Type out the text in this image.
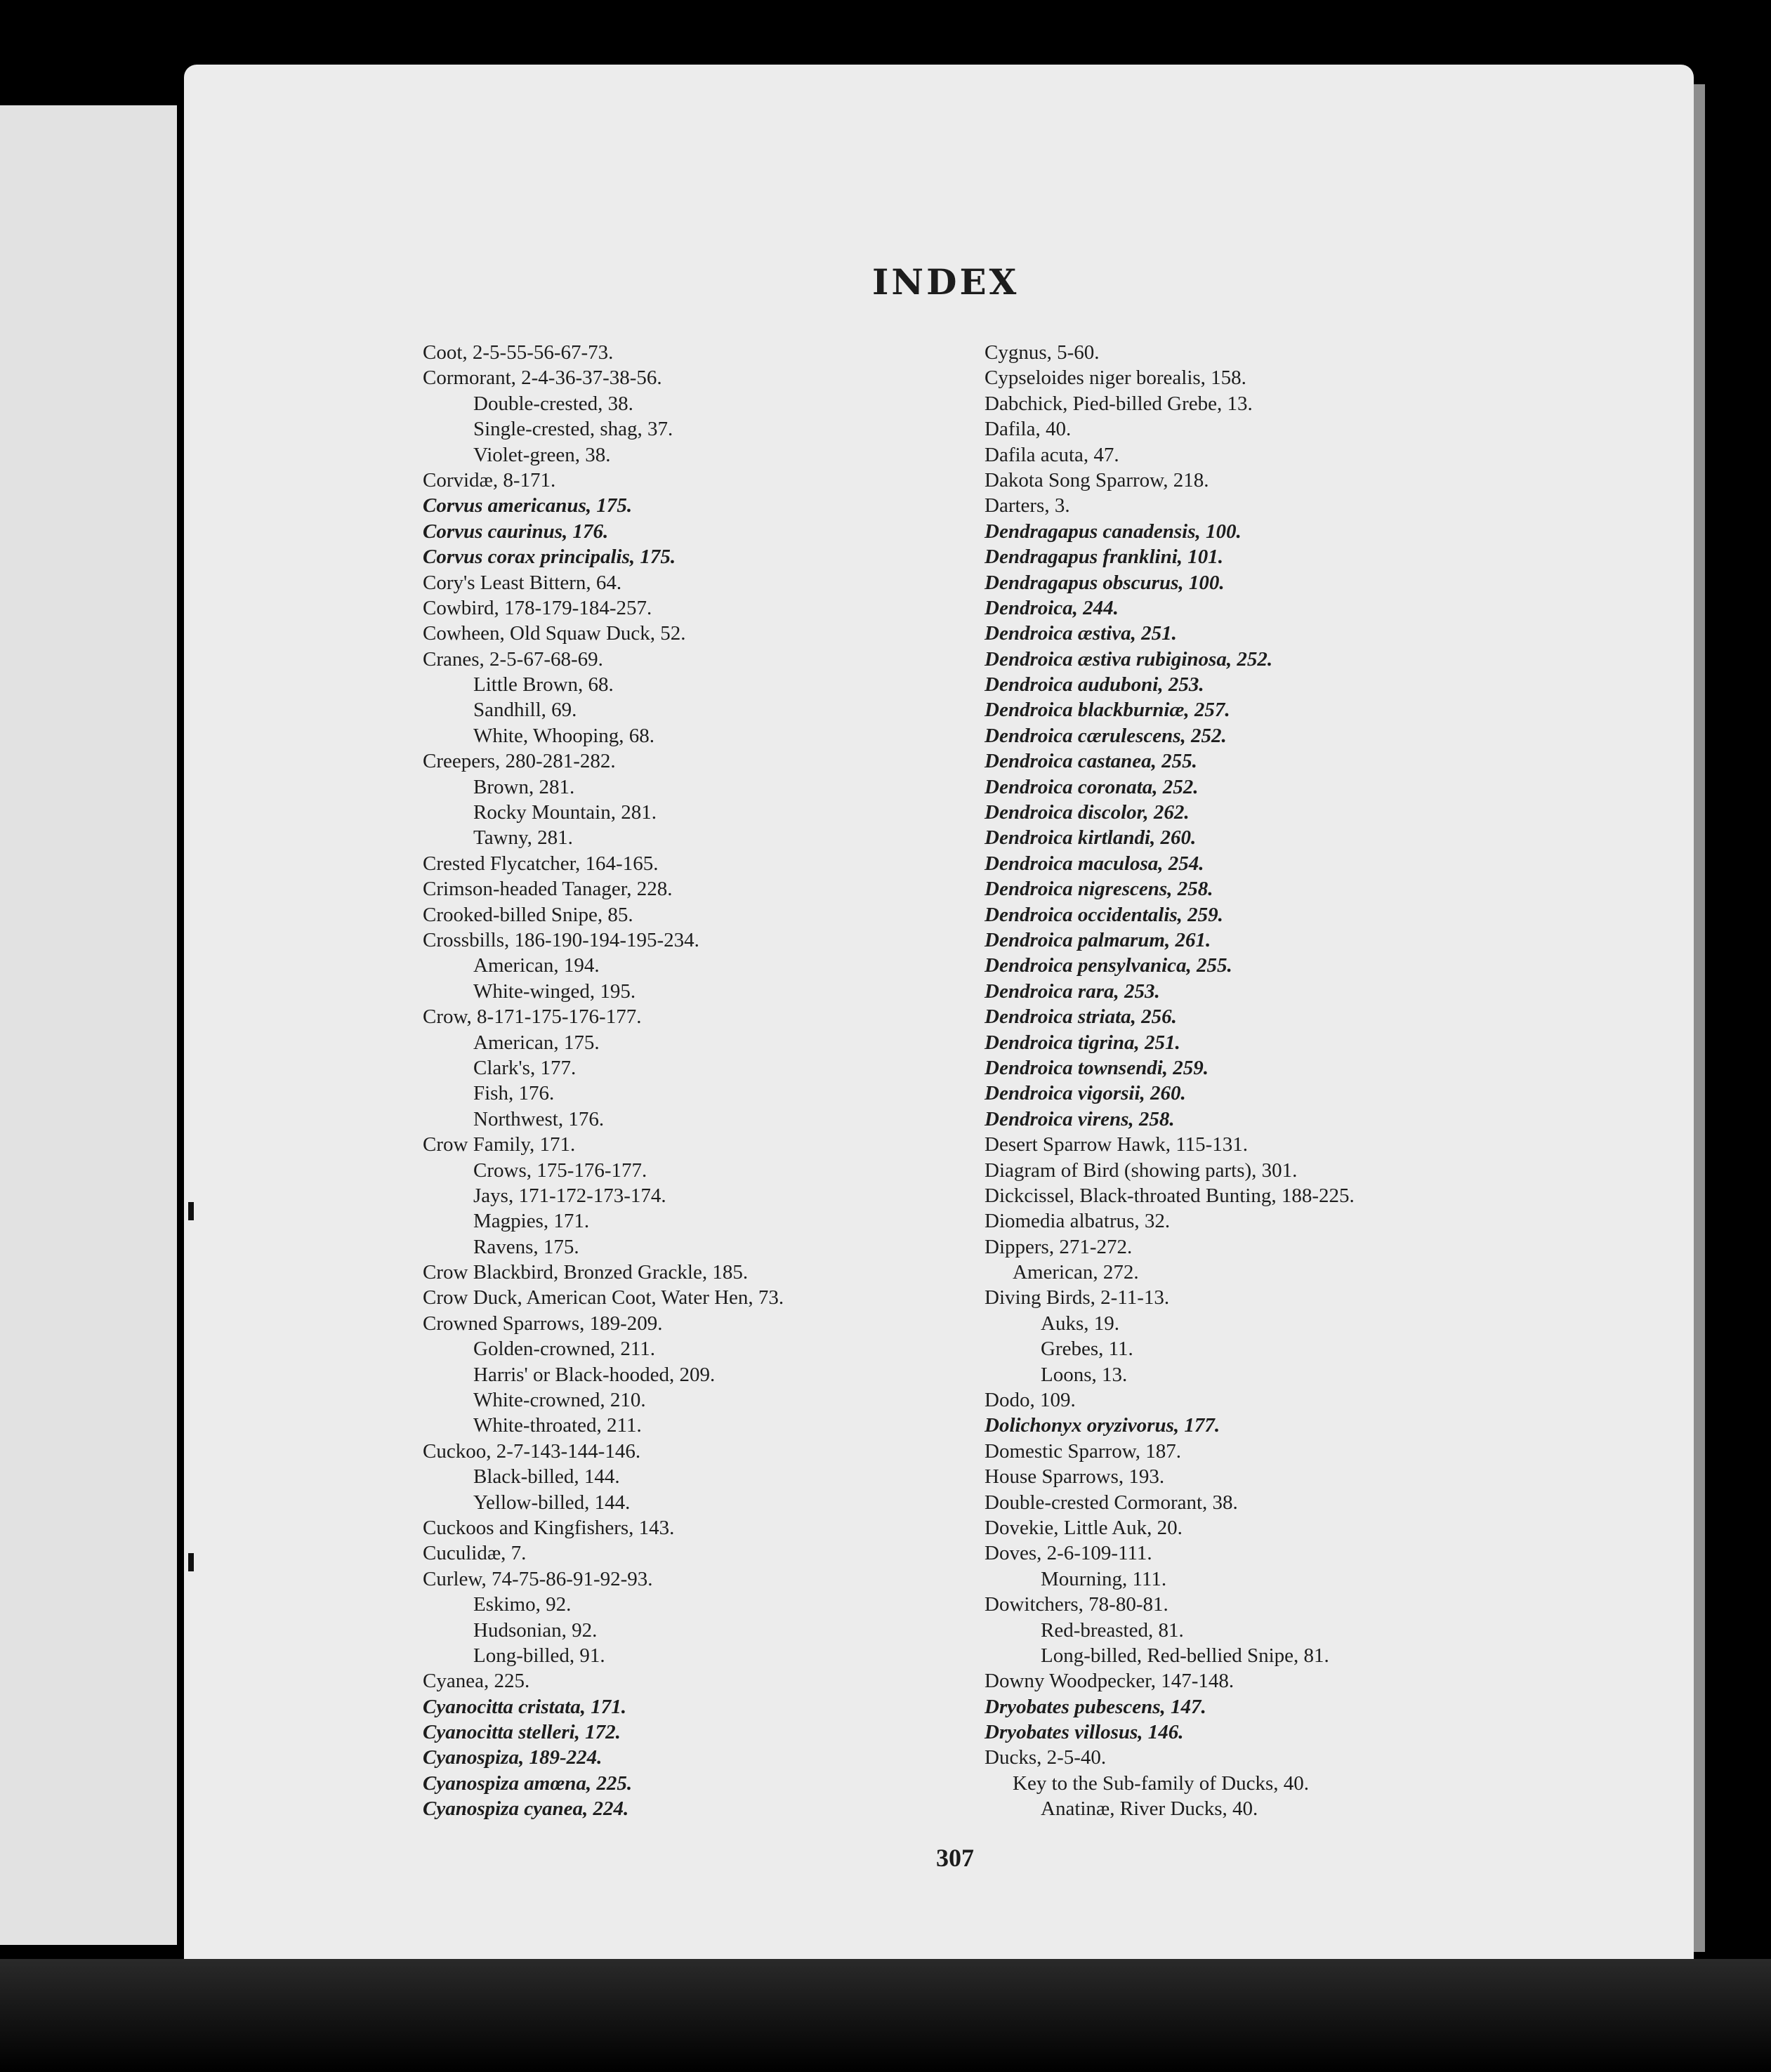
INDEX
Coot, 2-5-55-56-67-73.
Cormorant, 2-4-36-37-38-56.
Double-crested, 38.
Single-crested, shag, 37.
Violet-green, 38.
Corvidæ, 8-171.
Corvus americanus, 175.
Corvus caurinus, 176.
Corvus corax principalis, 175.
Cory's Least Bittern, 64.
Cowbird, 178-179-184-257.
Cowheen, Old Squaw Duck, 52.
Cranes, 2-5-67-68-69.
Little Brown, 68.
Sandhill, 69.
White, Whooping, 68.
Creepers, 280-281-282.
Brown, 281.
Rocky Mountain, 281.
Tawny, 281.
Crested Flycatcher, 164-165.
Crimson-headed Tanager, 228.
Crooked-billed Snipe, 85.
Crossbills, 186-190-194-195-234.
American, 194.
White-winged, 195.
Crow, 8-171-175-176-177.
American, 175.
Clark's, 177.
Fish, 176.
Northwest, 176.
Crow Family, 171.
Crows, 175-176-177.
Jays, 171-172-173-174.
Magpies, 171.
Ravens, 175.
Crow Blackbird, Bronzed Grackle, 185.
Crow Duck, American Coot, Water Hen, 73.
Crowned Sparrows, 189-209.
Golden-crowned, 211.
Harris' or Black-hooded, 209.
White-crowned, 210.
White-throated, 211.
Cuckoo, 2-7-143-144-146.
Black-billed, 144.
Yellow-billed, 144.
Cuckoos and Kingfishers, 143.
Cuculidæ, 7.
Curlew, 74-75-86-91-92-93.
Eskimo, 92.
Hudsonian, 92.
Long-billed, 91.
Cyanea, 225.
Cyanocitta cristata, 171.
Cyanocitta stelleri, 172.
Cyanospiza, 189-224.
Cyanospiza amœna, 225.
Cyanospiza cyanea, 224.
Cygnus, 5-60.
Cypseloides niger borealis, 158.
Dabchick, Pied-billed Grebe, 13.
Dafila, 40.
Dafila acuta, 47.
Dakota Song Sparrow, 218.
Darters, 3.
Dendragapus canadensis, 100.
Dendragapus franklini, 101.
Dendragapus obscurus, 100.
Dendroica, 244.
Dendroica æstiva, 251.
Dendroica æstiva rubiginosa, 252.
Dendroica auduboni, 253.
Dendroica blackburniæ, 257.
Dendroica cærulescens, 252.
Dendroica castanea, 255.
Dendroica coronata, 252.
Dendroica discolor, 262.
Dendroica kirtlandi, 260.
Dendroica maculosa, 254.
Dendroica nigrescens, 258.
Dendroica occidentalis, 259.
Dendroica palmarum, 261.
Dendroica pensylvanica, 255.
Dendroica rara, 253.
Dendroica striata, 256.
Dendroica tigrina, 251.
Dendroica townsendi, 259.
Dendroica vigorsii, 260.
Dendroica virens, 258.
Desert Sparrow Hawk, 115-131.
Diagram of Bird (showing parts), 301.
Dickcissel, Black-throated Bunting, 188-225.
Diomedia albatrus, 32.
Dippers, 271-272.
American, 272.
Diving Birds, 2-11-13.
Auks, 19.
Grebes, 11.
Loons, 13.
Dodo, 109.
Dolichonyx oryzivorus, 177.
Domestic Sparrow, 187.
House Sparrows, 193.
Double-crested Cormorant, 38.
Dovekie, Little Auk, 20.
Doves, 2-6-109-111.
Mourning, 111.
Dowitchers, 78-80-81.
Red-breasted, 81.
Long-billed, Red-bellied Snipe, 81.
Downy Woodpecker, 147-148.
Dryobates pubescens, 147.
Dryobates villosus, 146.
Ducks, 2-5-40.
Key to the Sub-family of Ducks, 40.
Anatinæ, River Ducks, 40.
307
